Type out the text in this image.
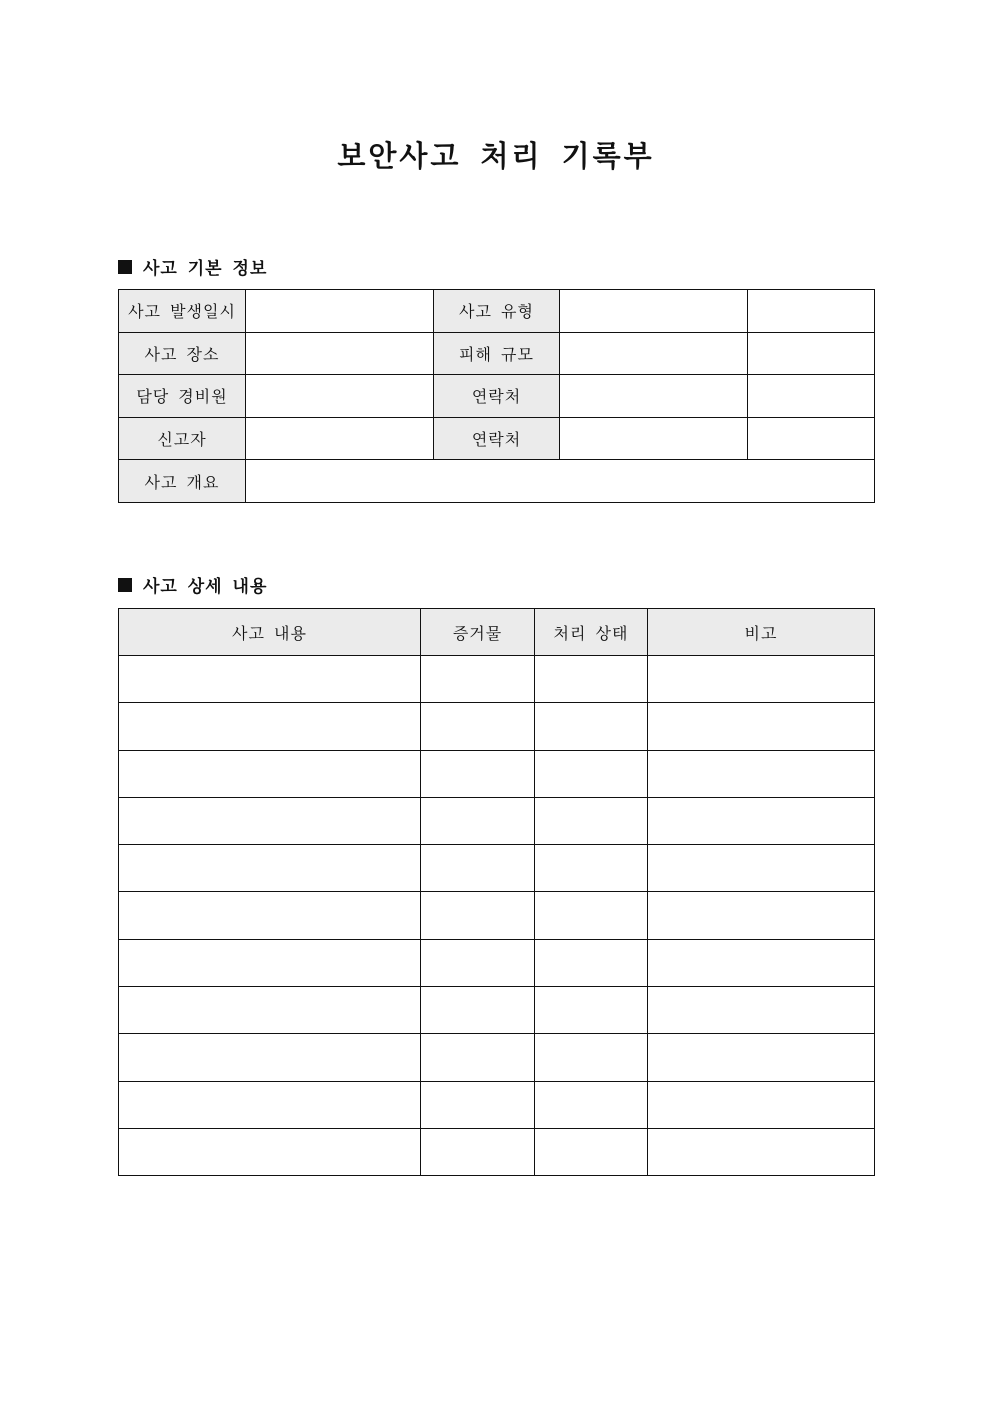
보안사고 처리 기록부
사고 기본 정보
사고 발생일시		사고 유형		
사고 장소		피해 규모		
담당 경비원		연락처		
신고자		연락처		
사고 개요				
사고 상세 내용
사고 내용	증거물	처리 상태	비고
